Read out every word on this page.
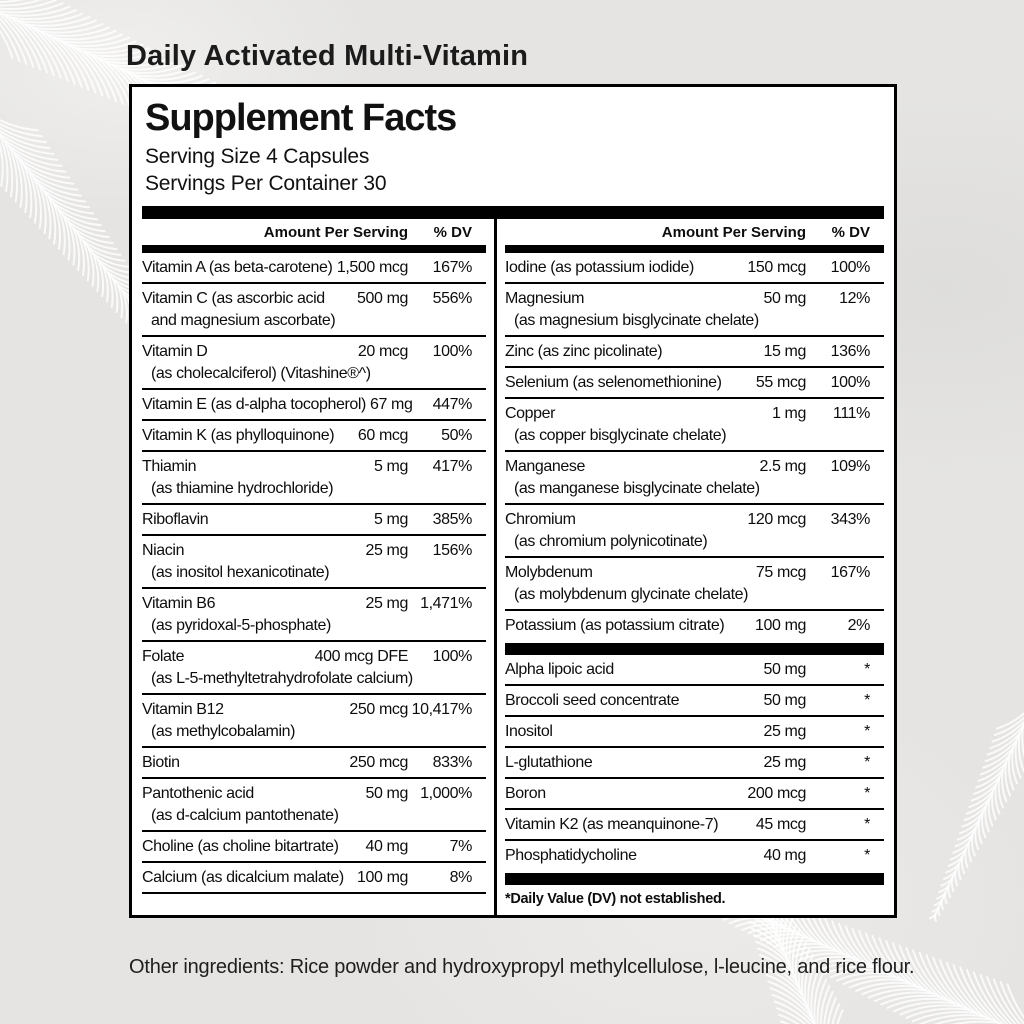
Daily Activated Multi-Vitamin
Supplement Facts
Serving Size 4 Capsules
Servings Per Container 30
Amount Per Serving	% DV
Vitamin A (as beta-carotene) 1,500 mcg	167%
Vitamin C (as ascorbic acid	500 mg	556%
and magnesium ascorbate)
Vitamin D	20 mcg	100%
(as cholecalciferol) (Vitashine®^)
Vitamin E (as d-alpha tocopherol) 67 mg	447%
Vitamin K (as phylloquinone)	60 mcg	50%
Thiamin	5 mg	417%
(as thiamine hydrochloride)
Riboflavin	5 mg	385%
Niacin	25 mg	156%
(as inositol hexanicotinate)
Vitamin B6	25 mg 1,471%
(as pyridoxal-5-phosphate)
Folate	400 mcg DFE	100%
(as L-5-methyltetrahydrofolate calcium)
Vitamin B12	250 mcg 10,417%
(as methylcobalamin)
Biotin	250 mcg	833%
Pantothenic acid	50 mg 1,000%
(as d-calcium pantothenate)
Choline (as choline bitartrate)	40 mg	7%
Calcium (as dicalcium malate) 100 mg	8%
Amount Per Serving	% DV
Iodine (as potassium iodide)	150 mcg	100%
Magnesium	50 mg	12%
(as magnesium bisglycinate chelate)
Zinc (as zinc picolinate)	15 mg	136%
Selenium (as selenomethionine)	55 mcg	100%
Copper	1 mg	111%
(as copper bisglycinate chelate)
Manganese	2.5 mg	109%
(as manganese bisglycinate chelate)
Chromium	120 mcg	343%
(as chromium polynicotinate)
Molybdenum	75 mcg	167%
(as molybdenum glycinate chelate)
Potassium (as potassium citrate)	100 mg	2%
Alpha lipoic acid	50 mg	*
Broccoli seed concentrate	50 mg	*
Inositol	25 mg	*
L-glutathione	25 mg	*
Boron	200 mcg	*
Vitamin K2 (as meanquinone-7)	45 mcg	*
Phosphatidycholine	40 mg	*
*Daily Value (DV) not established.

Other ingredients: Rice powder and hydroxypropyl methylcellulose, l-leucine, and rice flour.
